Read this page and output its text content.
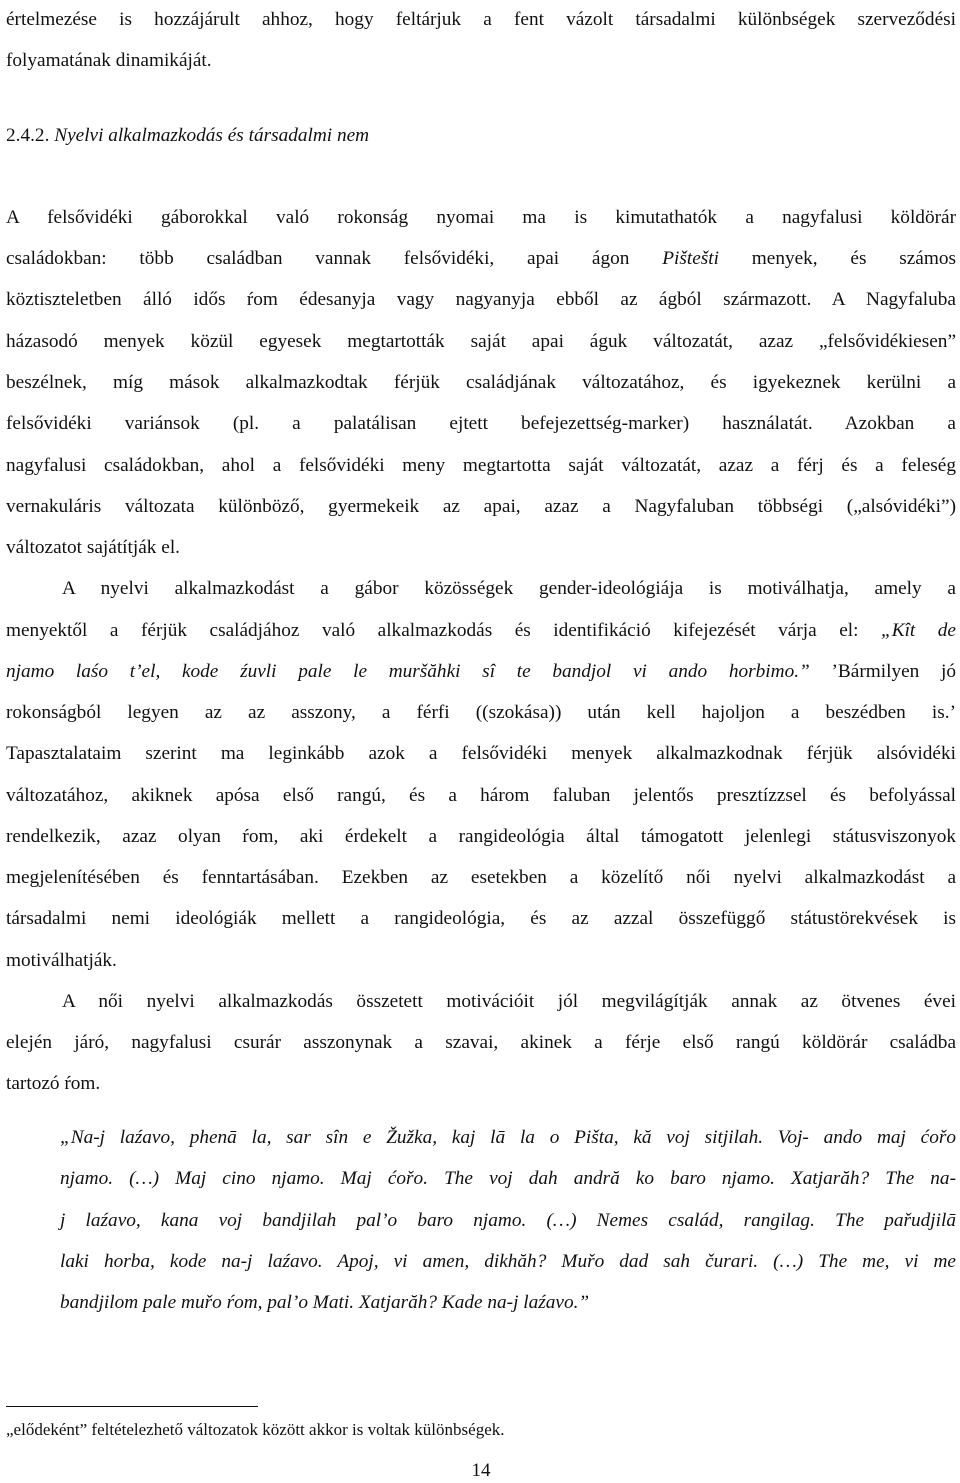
értelmezése is hozzájárult ahhoz, hogy feltárjuk a fent vázolt társadalmi különbségek szerveződési

folyamatának dinamikáját.

2.4.2. Nyelvi alkalmazkodás és társadalmi nem

A felsővidéki gáborokkal való rokonság nyomai ma is kimutathatók a nagyfalusi köldörár

családokban: több családban vannak felsővidéki, apai ágon Pištešti menyek, és számos

köztiszteletben álló idős ŕom édesanyja vagy nagyanyja ebből az ágból származott. A Nagyfaluba

házasodó menyek közül egyesek megtartották saját apai águk változatát, azaz „felsővidékiesen”

beszélnek, míg mások alkalmazkodtak férjük családjának változatához, és igyekeznek kerülni a

felsővidéki variánsok (pl. a palatálisan ejtett befejezettség-marker) használatát. Azokban a

nagyfalusi családokban, ahol a felsővidéki meny megtartotta saját változatát, azaz a férj és a feleség

vernakuláris változata különböző, gyermekeik az apai, azaz a Nagyfaluban többségi („alsóvidéki”)

változatot sajátítják el.

A nyelvi alkalmazkodást a gábor közösségek gender-ideológiája is motiválhatja, amely a

menyektől a férjük családjához való alkalmazkodás és identifikáció kifejezését várja el: „Kît de

njamo laśo t’el, kode źuvli pale le muršăhki sî te bandjol vi ando horbimo.” ’Bármilyen jó

rokonságból legyen az az asszony, a férfi ((szokása)) után kell hajoljon a beszédben is.’

Tapasztalataim szerint ma leginkább azok a felsővidéki menyek alkalmazkodnak férjük alsóvidéki

változatához, akiknek apósa első rangú, és a három faluban jelentős presztízzsel és befolyással

rendelkezik, azaz olyan ŕom, aki érdekelt a rangideológia által támogatott jelenlegi státusviszonyok

megjelenítésében és fenntartásában. Ezekben az esetekben a közelítő női nyelvi alkalmazkodást a

társadalmi nemi ideológiák mellett a rangideológia, és az azzal összefüggő státustörekvések is

motiválhatják.

A női nyelvi alkalmazkodás összetett motivációit jól megvilágítják annak az ötvenes évei

elején járó, nagyfalusi csurár asszonynak a szavai, akinek a férje első rangú köldörár családba

tartozó ŕom.

„Na-j laźavo, phenā la, sar sîn e Žužka, kaj lā la o Pišta, kă voj sitjilah. Voj- ando maj ćořo

njamo. (…) Maj cino njamo. Maj ćořo. The voj dah andră ko baro njamo. Xatjarăh? The na-

j laźavo, kana voj bandjilah pal’o baro njamo. (…) Nemes család, rangilag. The pařudjilā

laki horba, kode na-j laźavo. Apoj, vi amen, dikhăh? Muřo dad sah čurari. (…) The me, vi me

bandjilom pale muřo ŕom, pal’o Mati. Xatjarăh? Kade na-j laźavo.”

„elődeként” feltételezhető változatok között akkor is voltak különbségek.

14
